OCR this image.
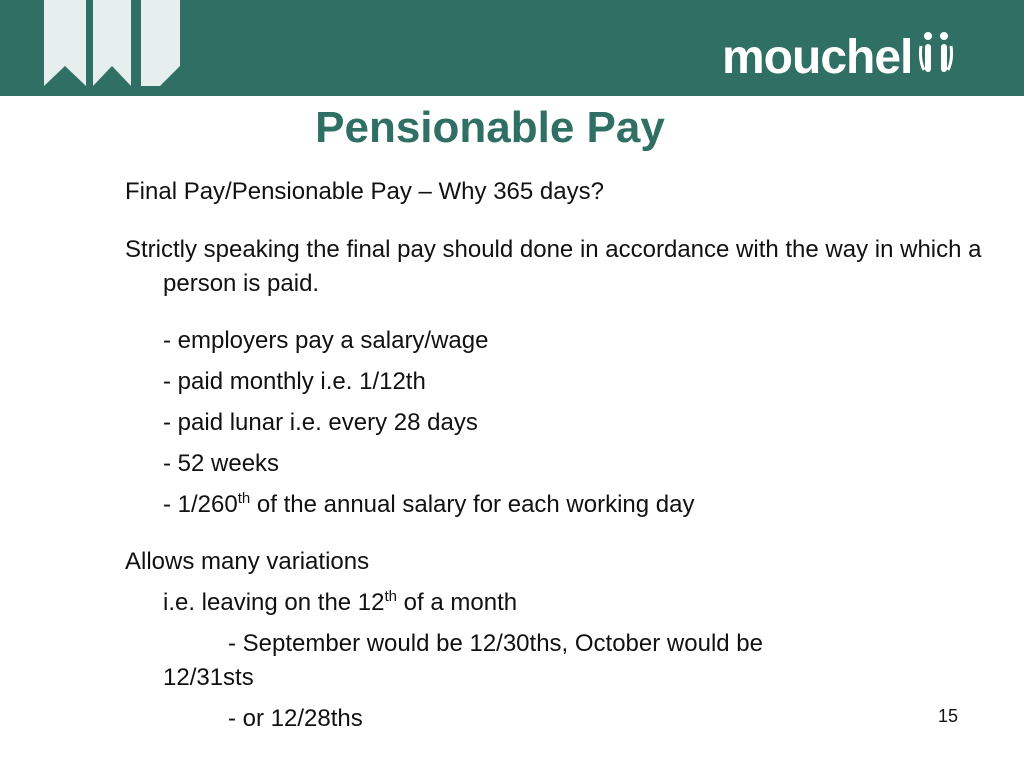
mouchel
Pensionable Pay

Final Pay/Pensionable Pay – Why 365 days?

Strictly speaking the final pay should done in accordance with the way in which a person is paid.

- employers pay a salary/wage

- paid monthly i.e. 1/12th

- paid lunar i.e. every 28 days

- 52 weeks

- 1/260th of the annual salary for each working day

Allows many variations

i.e. leaving on the 12th of a month

- September would be 12/30ths, October would be

12/31sts

- or 12/28ths	15
